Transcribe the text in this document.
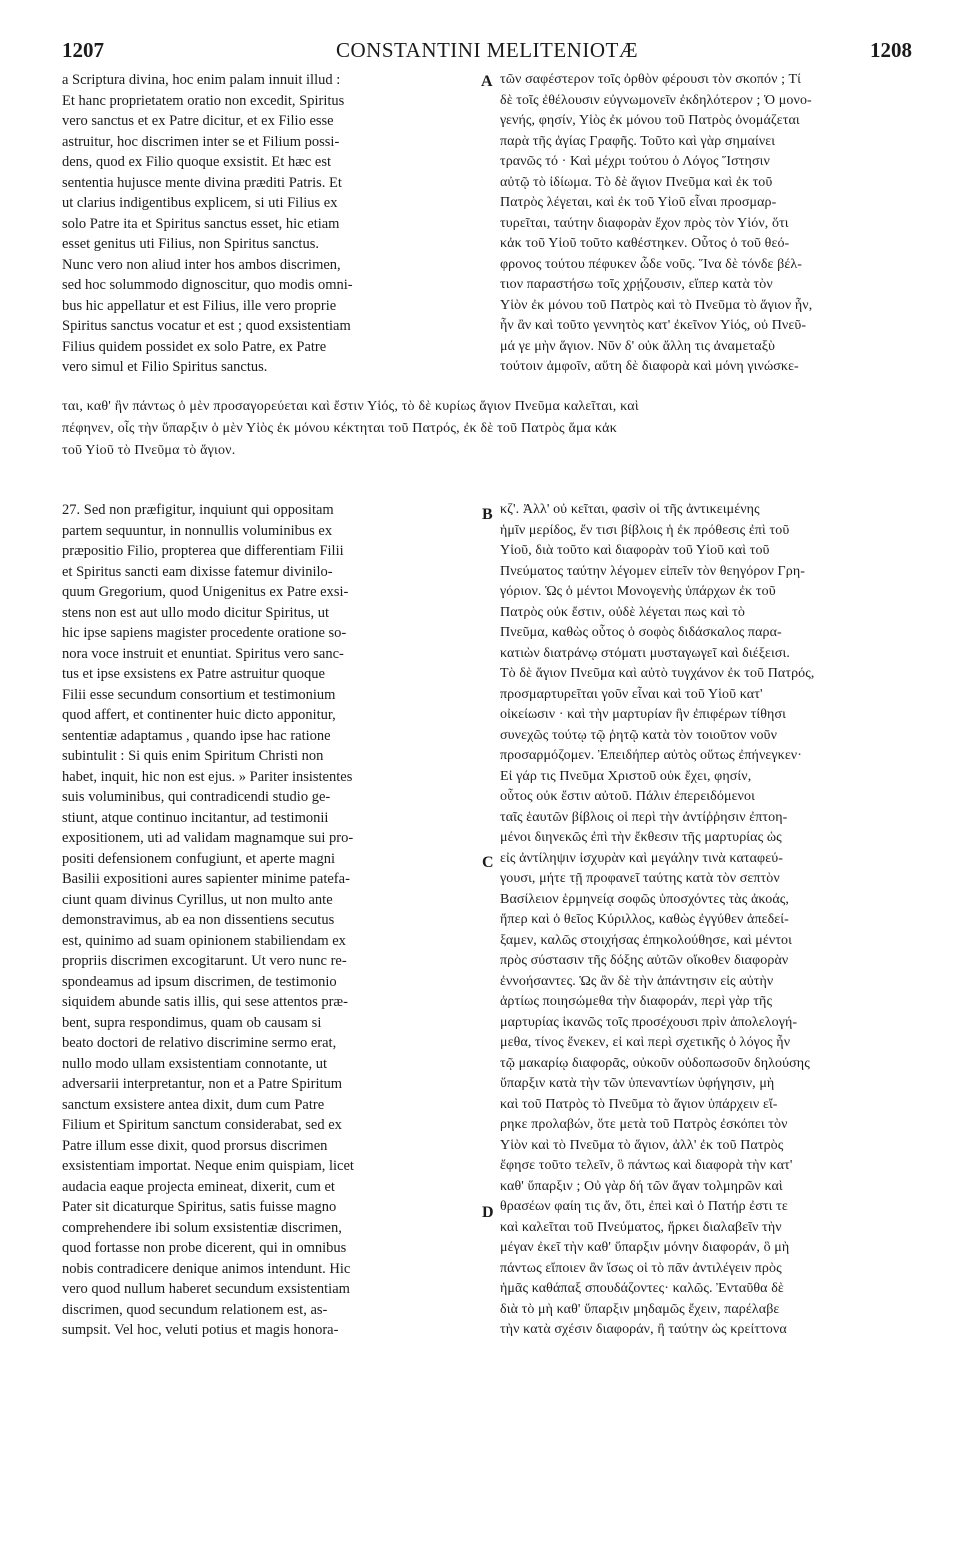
CONSTANTINI MELITENIOTÆ
1207	1208
a Scriptura divina, hoc enim palam innuit illud :
Et hanc proprietatem oratio non excedit, Spiritus
vero sanctus et ex Patre dicitur, et ex Filio esse
astruitur, hoc discrimen inter se et Filium possi-
dens, quod ex Filio quoque exsistit. Et hæc est
sententia hujusce mente divina præditi Patris. Et
ut clarius indigentibus explicem, si uti Filius ex
solo Patre ita et Spiritus sanctus esset, hic etiam
esset genitus uti Filius, non Spiritus sanctus.
Nunc vero non aliud inter hos ambos discrimen,
sed hoc solummodo dignoscitur, quo modis omni-
bus hic appellatur et est Filius, ille vero proprie
Spiritus sanctus vocatur et est ; quod exsistentiam
Filius quidem possidet ex solo Patre, ex Patre
vero simul et Filio Spiritus sanctus.
τῶν σαφέστερον τοῖς ὀρθὸν φέρουσι τὸν σκοπόν ; Τί
δὲ τοῖς ἐθέλουσιν εὐγνωμονεῖν ἐκδηλότερον ; Ὁ μονο-
γενής, φησίν, Υἱὸς ἐκ μόνου τοῦ Πατρὸς ὀνομάζεται
παρὰ τῆς ἁγίας Γραφῆς. Τοῦτο καὶ γὰρ σημαίνει
τρανῶς τό · Καὶ μέχρι τούτου ὁ Λόγος Ἵστησιν
αὐτῷ τὸ ἰδίωμα. Τὸ δὲ ἅγιον Πνεῦμα καὶ ἐκ τοῦ
Πατρὸς λέγεται, καὶ ἐκ τοῦ Υἱοῦ εἶναι προσμαρ-
τυρεῖται, ταύτην διαφορὰν ἔχον πρὸς τὸν Υἱόν, ὅτι
κἀκ τοῦ Υἱοῦ τοῦτο καθέστηκεν. Οὗτος ὁ τοῦ θεό-
φρονος τούτου πέφυκεν ὧδε νοῦς. Ἵνα δὲ τόνδε βέλ-
τιον παραστήσω τοῖς χρῄζουσιν, εἴπερ κατὰ τὸν
Υἱὸν ἐκ μόνου τοῦ Πατρὸς καὶ τὸ Πνεῦμα τὸ ἅγιον ἦν,
ἦν ἂν καὶ τοῦτο γεννητὸς κατ' ἐκεῖνον Υἱός, οὐ Πνεῦ-
μά γε μὴν ἅγιον. Νῦν δ' οὐκ ἄλλη τις ἀναμεταξὺ
τούτοιν ἀμφοῖν, αὕτη δὲ διαφορὰ καὶ μόνη γινώσκε-
A
ται, καθ' ἣν πάντως ὁ μὲν προσαγορεύεται καὶ ἔστιν Υἱός, τὸ δὲ κυρίως ἅγιον Πνεῦμα καλεῖται, καὶ
πέφηνεν, οἷς τὴν ὕπαρξιν ὁ μὲν Υἱὸς ἐκ μόνου κέκτηται τοῦ Πατρός, ἐκ δὲ τοῦ Πατρὸς ἅμα κἀκ
τοῦ Υἱοῦ τὸ Πνεῦμα τὸ ἅγιον.
27. Sed non præfigitur, inquiunt qui oppositam
partem sequuntur, in nonnullis voluminibus ex
præpositio Filio, propterea que differentiam Filii
et Spiritus sancti eam dixisse fatemur divinilo-
quum Gregorium, quod Unigenitus ex Patre exsi-
stens non est aut ullo modo dicitur Spiritus, ut
hic ipse sapiens magister procedente oratione so-
nora voce instruit et enuntiat. Spiritus vero sanc-
tus et ipse exsistens ex Patre astruitur quoque
Filii esse secundum consortium et testimonium
quod affert, et continenter huic dicto apponitur,
sententiæ adaptamus , quando ipse hac ratione
subintulit : Si quis enim Spiritum Christi non
habet, inquit, hic non est ejus. » Pariter insistentes
suis voluminibus, qui contradicendi studio ge-
stiunt, atque continuo incitantur, ad testimonii
expositionem, uti ad validam magnamque sui pro-
positi defensionem confugiunt, et aperte magni
Basilii expositioni aures sapienter minime patefa-
ciunt quam divinus Cyrillus, ut non multo ante
demonstravimus, ab ea non dissentiens secutus
est, quinimo ad suam opinionem stabiliendam ex
propriis discrimen excogitarunt. Ut vero nunc re-
spondeamus ad ipsum discrimen, de testimonio
siquidem abunde satis illis, qui sese attentos præ-
bent, supra respondimus, quam ob causam si
beato doctori de relativo discrimine sermo erat,
nullo modo ullam exsistentiam connotante, ut
adversarii interpretantur, non et a Patre Spiritum
sanctum exsistere antea dixit, dum cum Patre
Filium et Spiritum sanctum considerabat, sed ex
Patre illum esse dixit, quod prorsus discrimen
exsistentiam importat. Neque enim quispiam, licet
audacia eaque projecta emineat, dixerit, cum et
Pater sit dicaturque Spiritus, satis fuisse magno
comprehendere ibi solum exsistentiæ discrimen,
quod fortasse non probe dicerent, qui in omnibus
nobis contradicere denique animos intendunt. Hic
vero quod nullum haberet secundum exsistentiam
discrimen, quod secundum relationem est, as-
sumpsit. Vel hoc, veluti potius et magis honora-
κζ'. Ἀλλ' οὐ κεῖται, φασὶν οἱ τῆς ἀντικειμένης
ἡμῖν μερίδος, ἔν τισι βίβλοις ἡ ἐκ πρόθεσις ἐπὶ τοῦ
Υἱοῦ, διὰ τοῦτο καὶ διαφορὰν τοῦ Υἱοῦ καὶ τοῦ
Πνεύματος ταύτην λέγομεν εἰπεῖν τὸν θεηγόρον Γρη-
γόριον. Ὡς ὁ μέντοι Μονογενὴς ὑπάρχων ἐκ τοῦ
Πατρὸς οὐκ ἔστιν, οὐδὲ λέγεται πως καὶ τὸ
Πνεῦμα, καθὼς οὗτος ὁ σοφὸς διδάσκαλος παρα-
κατιὼν διατράνῳ στόματι μυσταγωγεῖ καὶ διέξεισι.
Τὸ δὲ ἅγιον Πνεῦμα καὶ αὐτὸ τυγχάνον ἐκ τοῦ Πατρός,
προσμαρτυρεῖται γοῦν εἶναι καὶ τοῦ Υἱοῦ κατ'
οἰκείωσιν · καὶ τὴν μαρτυρίαν ἣν ἐπιφέρων τίθησι
συνεχῶς τούτῳ τῷ ῥητῷ κατὰ τὸν τοιοῦτον νοῦν
προσαρμόζομεν. Ἐπειδήπερ αὐτὸς οὕτως ἐπήνεγκεν·
Εἰ γάρ τις Πνεῦμα Χριστοῦ οὐκ ἔχει, φησίν,
οὗτος οὐκ ἔστιν αὐτοῦ. Πάλιν ἐπερειδόμενοι
ταῖς ἑαυτῶν βίβλοις οἱ περὶ τὴν ἀντίῤῥησιν ἐπτοη-
μένοι διηνεκῶς ἐπὶ τὴν ἔκθεσιν τῆς μαρτυρίας ὡς
εἰς ἀντίληψιν ἰσχυρὰν καὶ μεγάλην τινὰ καταφεύ-
γουσι, μήτε τῇ προφανεῖ ταύτης κατὰ τὸν σεπτὸν
Βασίλειον ἑρμηνείᾳ σοφῶς ὑποσχόντες τὰς ἀκοάς,
ἥπερ καὶ ὁ θεῖος Κύριλλος, καθὼς ἐγγύθεν ἀπεδεί-
ξαμεν, καλῶς στοιχήσας ἐπηκολούθησε, καὶ μέντοι
πρὸς σύστασιν τῆς δόξης αὐτῶν οἴκοθεν διαφορὰν
ἐννοήσαντες. Ὡς ἂν δὲ τὴν ἀπάντησιν εἰς αὐτὴν
ἀρτίως ποιησώμεθα τὴν διαφοράν, περὶ γὰρ τῆς
μαρτυρίας ἱκανῶς τοῖς προσέχουσι πρὶν ἀπολελογή-
μεθα, τίνος ἕνεκεν, εἰ καὶ περὶ σχετικῆς ὁ λόγος ἦν
τῷ μακαρίῳ διαφορᾶς, οὐκοῦν οὐδοπωσοῦν δηλούσης
ὕπαρξιν κατὰ τὴν τῶν ὑπεναντίων ὑφήγησιν, μὴ
καὶ τοῦ Πατρὸς τὸ Πνεῦμα τὸ ἅγιον ὑπάρχειν εἴ-
ρηκε προλαβών, ὅτε μετὰ τοῦ Πατρὸς ἐσκόπει τὸν
Υἱὸν καὶ τὸ Πνεῦμα τὸ ἅγιον, ἀλλ' ἐκ τοῦ Πατρὸς
ἔφησε τοῦτο τελεῖν, ὃ πάντως καὶ διαφορὰ τὴν κατ'
καθ' ὕπαρξιν ; Οὐ γὰρ δή τῶν ἄγαν τολμηρῶν καὶ
θρασέων φαίη τις ἄν, ὅτι, ἐπεὶ καὶ ὁ Πατήρ ἐστι τε
καὶ καλεῖται τοῦ Πνεύματος, ἤρκει διαλαβεῖν τὴν
μέγαν ἐκεῖ τὴν καθ' ὕπαρξιν μόνην διαφοράν, ὃ μὴ
πάντως εἴποιεν ἂν ἴσως οἱ τὸ πᾶν ἀντιλέγειν πρὸς
ἡμᾶς καθάπαξ σπουδάζοντες· καλῶς. Ἐνταῦθα δὲ
διὰ τὸ μὴ καθ' ὕπαρξιν μηδαμῶς ἔχειν, παρέλαβε
τὴν κατὰ σχέσιν διαφοράν, ἢ ταύτην ὡς κρείττονα
B
C
D
